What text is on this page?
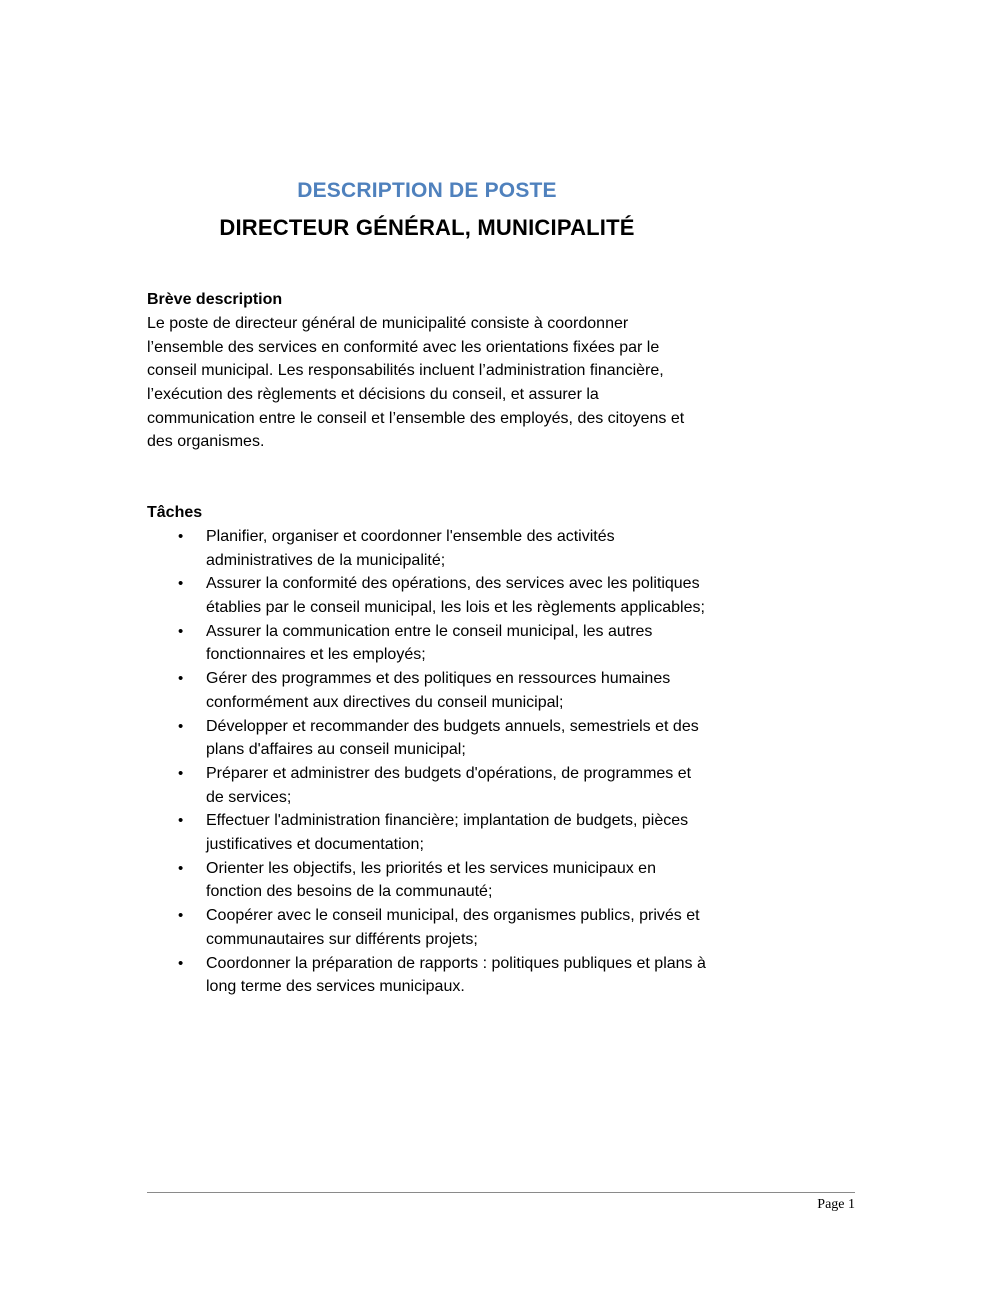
DESCRIPTION DE POSTE
DIRECTEUR GÉNÉRAL, MUNICIPALITÉ
Brève description
Le poste de directeur général de municipalité consiste à coordonner l’ensemble des services en conformité avec les orientations fixées par le conseil municipal. Les responsabilités incluent l’administration financière, l’exécution des règlements et décisions du conseil, et assurer la communication entre le conseil et l’ensemble des employés, des citoyens et des organismes.
Tâches
• Planifier, organiser et coordonner l'ensemble des activités administratives de la municipalité;
• Assurer la conformité des opérations, des services avec les politiques établies par le conseil municipal, les lois et les règlements applicables;
• Assurer la communication entre le conseil municipal, les autres fonctionnaires et les employés;
• Gérer des programmes et des politiques en ressources humaines conformément aux directives du conseil municipal;
• Développer et recommander des budgets annuels, semestriels et des plans d'affaires au conseil municipal;
• Préparer et administrer des budgets d'opérations, de programmes et de services;
• Effectuer l'administration financière; implantation de budgets, pièces justificatives et documentation;
• Orienter les objectifs, les priorités et les services municipaux en fonction des besoins de la communauté;
• Coopérer avec le conseil municipal, des organismes publics, privés et communautaires sur différents projets;
• Coordonner la préparation de rapports : politiques publiques et plans à long terme des services municipaux.
Page 1
